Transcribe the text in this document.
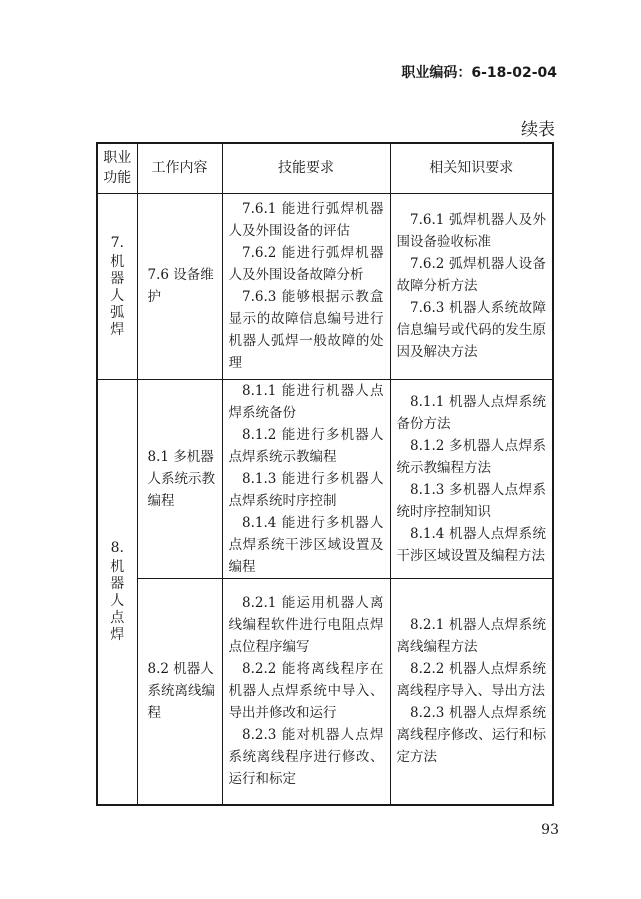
职业编码：6-18-02-04
续表
职业功能	工作内容	技能要求	相关知识要求

7.
机器人弧焊	7.6 设备维护	7.6.1 能进行弧焊机器人及外围设备的评估
7.6.2 能进行弧焊机器人及外围设备故障分析
7.6.3 能够根据示教盒显示的故障信息编号进行机器人弧焊一般故障的处理	7.6.1 弧焊机器人及外围设备验收标准
7.6.2 弧焊机器人设备故障分析方法
7.6.3 机器人系统故障信息编号或代码的发生原因及解决方法

8.
机器人点焊	8.1 多机器人系统示教编程	8.1.1 能进行机器人点焊系统备份
8.1.2 能进行多机器人点焊系统示教编程
8.1.3 能进行多机器人点焊系统时序控制
8.1.4 能进行多机器人点焊系统干涉区域设置及编程	8.1.1 机器人点焊系统备份方法
8.1.2 多机器人点焊系统示教编程方法
8.1.3 多机器人点焊系统时序控制知识
8.1.4 机器人点焊系统干涉区域设置及编程方法

	8.2 机器人系统离线编程	8.2.1 能运用机器人离线编程软件进行电阻点焊点位程序编写
8.2.2 能将离线程序在机器人点焊系统中导入、导出并修改和运行
8.2.3 能对机器人点焊系统离线程序进行修改、运行和标定	8.2.1 机器人点焊系统离线编程方法
8.2.2 机器人点焊系统离线程序导入、导出方法
8.2.3 机器人点焊系统离线程序修改、运行和标定方法
93
